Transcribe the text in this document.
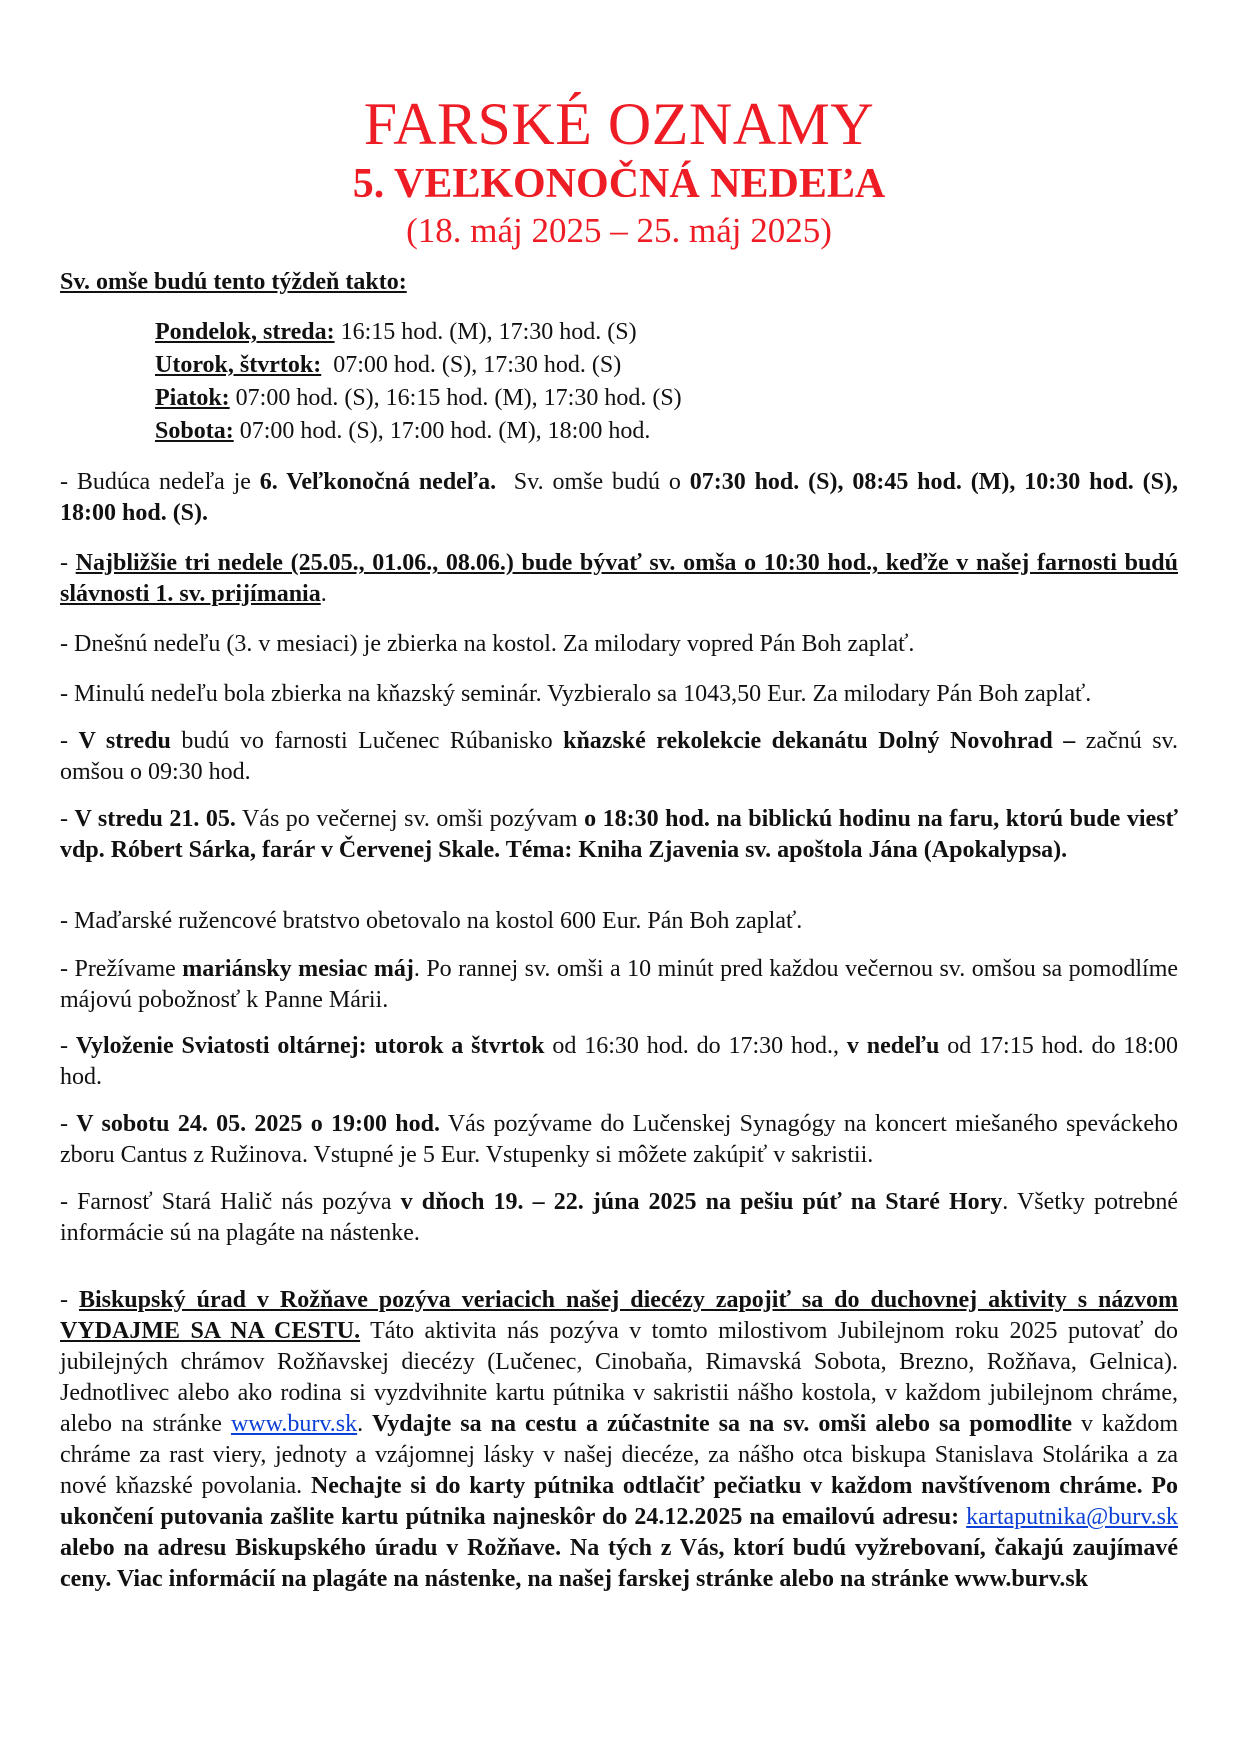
FARSKÉ OZNAMY
5. VEĽKONOČNÁ NEDEĽA
(18. máj 2025 – 25. máj 2025)
Sv. omše budú tento týždeň takto:
Pondelok, streda: 16:15 hod. (M), 17:30 hod. (S)
Utorok, štvrtok:  07:00 hod. (S), 17:30 hod. (S)
Piatok: 07:00 hod. (S), 16:15 hod. (M), 17:30 hod. (S)
Sobota: 07:00 hod. (S), 17:00 hod. (M), 18:00 hod.

- Budúca nedeľa je 6. Veľkonočná nedeľa.  Sv. omše budú o 07:30 hod. (S), 08:45 hod. (M), 10:30 hod. (S), 18:00 hod. (S).

- Najbližšie tri nedele (25.05., 01.06., 08.06.) bude bývať sv. omša o 10:30 hod., keďže v našej farnosti budú slávnosti 1. sv. prijímania.

- Dnešnú nedeľu (3. v mesiaci) je zbierka na kostol. Za milodary vopred Pán Boh zaplať.

- Minulú nedeľu bola zbierka na kňazský seminár. Vyzbieralo sa 1043,50 Eur. Za milodary Pán Boh zaplať.

- V stredu budú vo farnosti Lučenec Rúbanisko kňazské rekolekcie dekanátu Dolný Novohrad – začnú sv. omšou o 09:30 hod.

- V stredu 21. 05. Vás po večernej sv. omši pozývam o 18:30 hod. na biblickú hodinu na faru, ktorú bude viesť vdp. Róbert Sárka, farár v Červenej Skale. Téma: Kniha Zjavenia sv. apoštola Jána (Apokalypsa).

- Maďarské ružencové bratstvo obetovalo na kostol 600 Eur. Pán Boh zaplať.

- Prežívame mariánsky mesiac máj. Po rannej sv. omši a 10 minút pred každou večernou sv. omšou sa pomodlíme májovú pobožnosť k Panne Márii.

- Vyloženie Sviatosti oltárnej: utorok a štvrtok od 16:30 hod. do 17:30 hod., v nedeľu od 17:15 hod. do 18:00 hod.

- V sobotu 24. 05. 2025 o 19:00 hod. Vás pozývame do Lučenskej Synagógy na koncert miešaného speváckeho zboru Cantus z Ružinova. Vstupné je 5 Eur. Vstupenky si môžete zakúpiť v sakristii.

- Farnosť Stará Halič nás pozýva v dňoch 19. – 22. júna 2025 na pešiu púť na Staré Hory. Všetky potrebné informácie sú na plagáte na nástenke.

- Biskupský úrad v Rožňave pozýva veriacich našej diecézy zapojiť sa do duchovnej aktivity s názvom VYDAJME SA NA CESTU. Táto aktivita nás pozýva v tomto milostivom Jubilejnom roku 2025 putovať do jubilejných chrámov Rožňavskej diecézy (Lučenec, Cinobaňa, Rimavská Sobota, Brezno, Rožňava, Gelnica). Jednotlivec alebo ako rodina si vyzdvihnite kartu pútnika v sakristii nášho kostola, v každom jubilejnom chráme, alebo na stránke www.burv.sk. Vydajte sa na cestu a zúčastnite sa na sv. omši alebo sa pomodlite v každom chráme za rast viery, jednoty a vzájomnej lásky v našej diecéze, za nášho otca biskupa Stanislava Stolárika a za nové kňazské povolania. Nechajte si do karty pútnika odtlačiť pečiatku v každom navštívenom chráme. Po ukončení putovania zašlite kartu pútnika najneskôr do 24.12.2025 na emailovú adresu: kartaputnika@burv.sk alebo na adresu Biskupského úradu v Rožňave. Na tých z Vás, ktorí budú vyžrebovaní, čakajú zaujímavé ceny. Viac informácií na plagáte na nástenke, na našej farskej stránke alebo na stránke www.burv.sk
